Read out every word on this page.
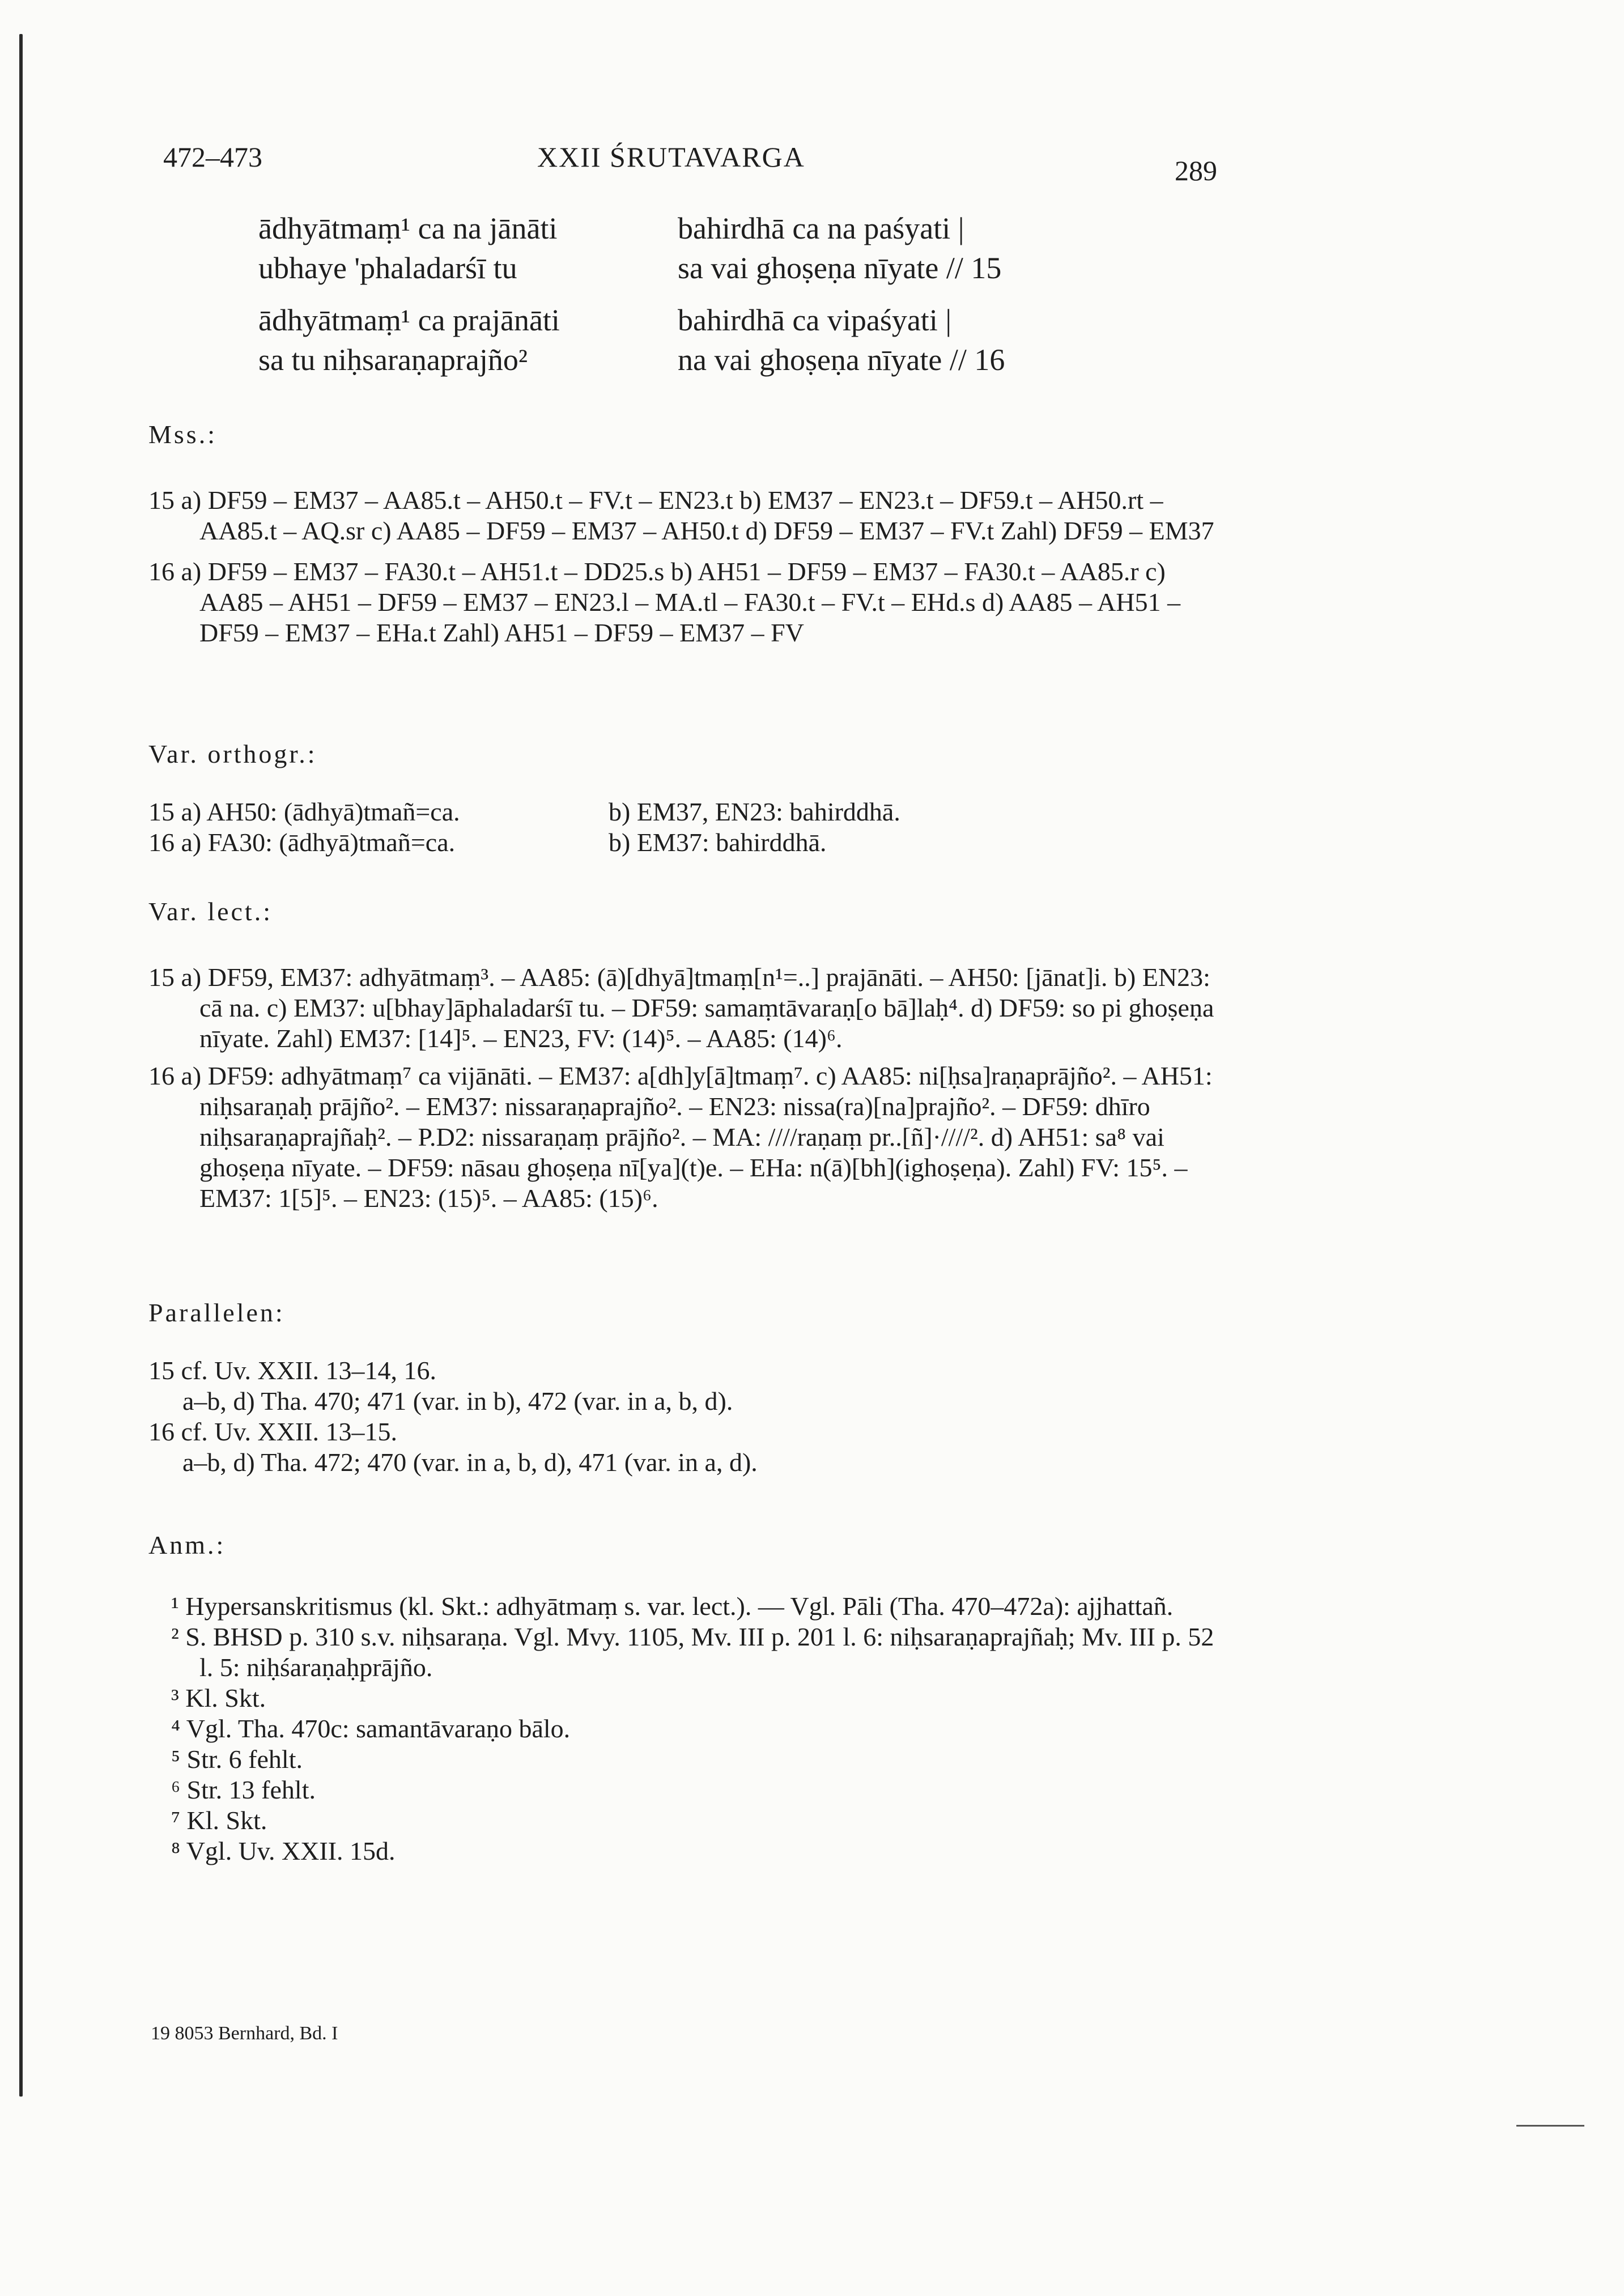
472–473	XXII ŚRUTAVARGA	289
ādhyātmaṃ¹ ca na jānāti	bahirdhā ca na paśyati |
ubhaye 'phaladarśī tu	sa vai ghoṣeṇa nīyate // 15
ādhyātmaṃ¹ ca prajānāti	bahirdhā ca vipaśyati |
sa tu niḥsaraṇaprajño²	na vai ghoṣeṇa nīyate // 16
Mss.:
15 a) DF59 – EM37 – AA85.t – AH50.t – FV.t – EN23.t b) EM37 – EN23.t – DF59.t – AH50.rt – AA85.t – AQ.sr c) AA85 – DF59 – EM37 – AH50.t d) DF59 – EM37 – FV.t Zahl) DF59 – EM37
16 a) DF59 – EM37 – FA30.t – AH51.t – DD25.s b) AH51 – DF59 – EM37 – FA30.t – AA85.r c) AA85 – AH51 – DF59 – EM37 – EN23.l – MA.tl – FA30.t – FV.t – EHd.s d) AA85 – AH51 – DF59 – EM37 – EHa.t Zahl) AH51 – DF59 – EM37 – FV
Var. orthogr.:
15 a) AH50: (ādhyā)tmañ=ca.	b) EM37, EN23: bahirddhā.
16 a) FA30: (ādhyā)tmañ=ca.	b) EM37: bahirddhā.
Var. lect.:
15 a) DF59, EM37: adhyātmaṃ³. – AA85: (ā)[dhyā]tmaṃ[n¹=..] prajānāti. – AH50: [jānat]i. b) EN23: cā na. c) EM37: u[bhay]āphaladarśī tu. – DF59: samaṃtāvaraṇ[o bā]laḥ⁴. d) DF59: so pi ghoṣeṇa nīyate. Zahl) EM37: [14]⁵. – EN23, FV: (14)⁵. – AA85: (14)⁶.
16 a) DF59: adhyātmaṃ⁷ ca vijānāti. – EM37: a[dh]y[ā]tmaṃ⁷. c) AA85: ni[ḥsa]raṇaprājño². – AH51: niḥsaraṇaḥ prājño². – EM37: nissaraṇaprajño². – EN23: nissa(ra)[na]prajño². – DF59: dhīro niḥsaraṇaprajñaḥ². – P.D2: nissaraṇaṃ prājño². – MA: ////raṇaṃ pr..[ñ]·////². d) AH51: sa⁸ vai ghoṣeṇa nīyate. – DF59: nāsau ghoṣeṇa nī[ya](t)e. – EHa: n(ā)[bh](ighoṣeṇa). Zahl) FV: 15⁵. – EM37: 1[5]⁵. – EN23: (15)⁵. – AA85: (15)⁶.
Parallelen:
15 cf. Uv. XXII. 13–14, 16.
a–b, d) Tha. 470; 471 (var. in b), 472 (var. in a, b, d).
16 cf. Uv. XXII. 13–15.
a–b, d) Tha. 472; 470 (var. in a, b, d), 471 (var. in a, d).
Anm.:
¹ Hypersanskritismus (kl. Skt.: adhyātmaṃ s. var. lect.). — Vgl. Pāli (Tha. 470–472a): ajjhattañ.
² S. BHSD p. 310 s.v. niḥsaraṇa. Vgl. Mvy. 1105, Mv. III p. 201 l. 6: niḥsaraṇaprajñaḥ; Mv. III p. 52 l. 5: niḥśaraṇaḥprājño.
³ Kl. Skt.
⁴ Vgl. Tha. 470c: samantāvaraṇo bālo.
⁵ Str. 6 fehlt.
⁶ Str. 13 fehlt.
⁷ Kl. Skt.
⁸ Vgl. Uv. XXII. 15d.
19 8053 Bernhard, Bd. I
